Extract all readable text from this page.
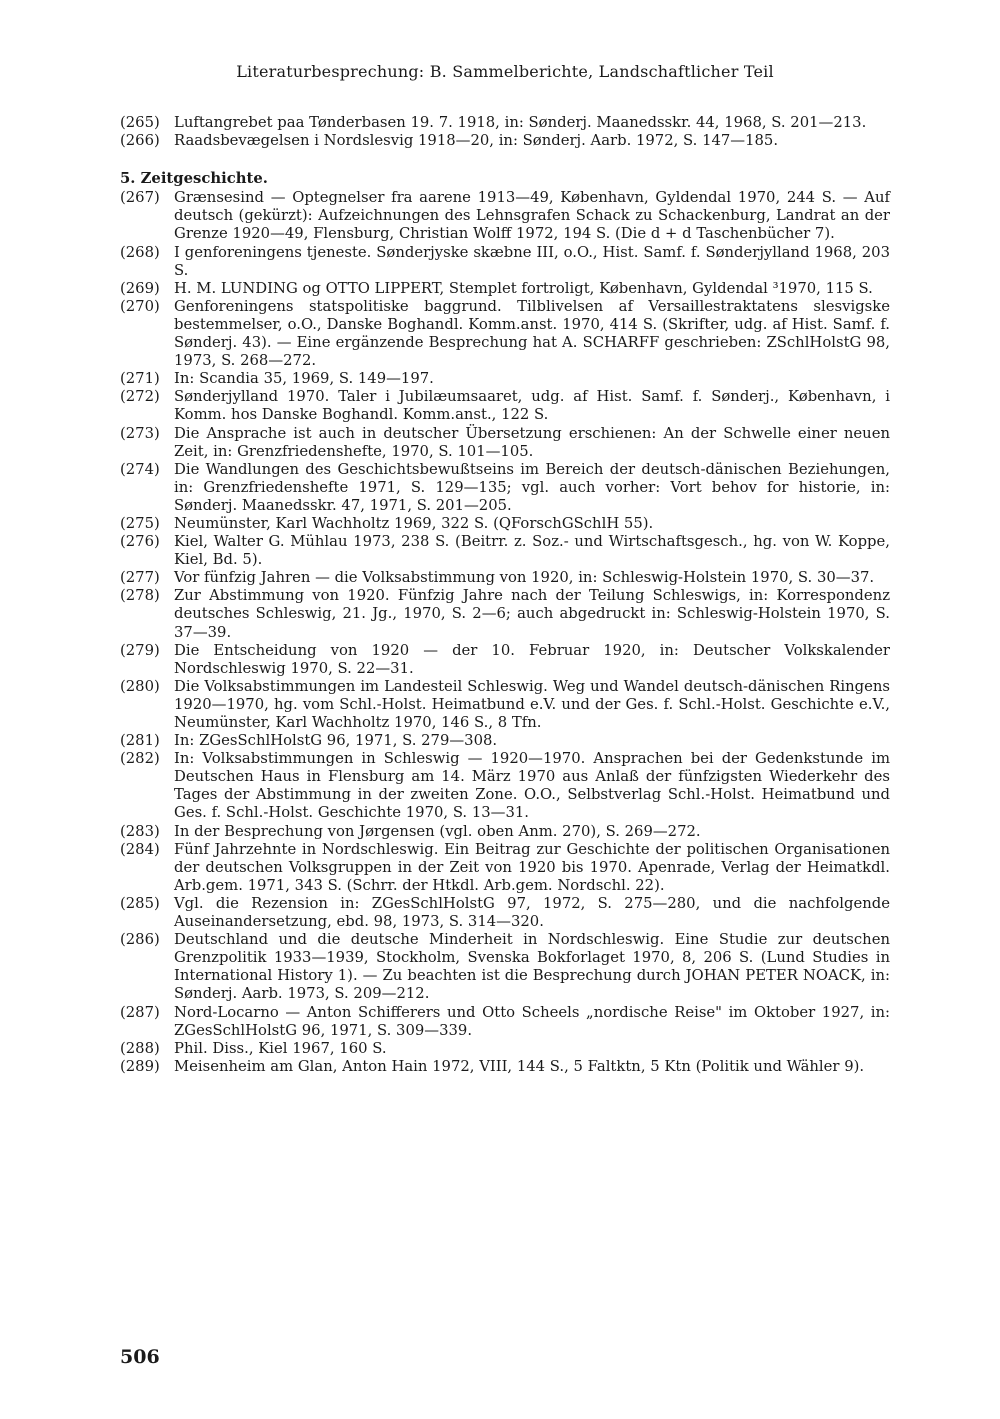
Literaturbesprechung: B. Sammelberichte, Landschaftlicher Teil
(265) Luftangrebet paa Tønderbasen 19. 7. 1918, in: Sønderj. Maanedsskr. 44, 1968, S. 201—213.
(266) Raadsbevægelsen i Nordslesvig 1918—20, in: Sønderj. Aarb. 1972, S. 147—185.
5. Zeitgeschichte.
(267) Grænsesind — Optegnelser fra aarene 1913—49, København, Gyldendal 1970, 244 S. — Auf deutsch (gekürzt): Aufzeichnungen des Lehnsgrafen Schack zu Schackenburg, Landrat an der Grenze 1920—49, Flensburg, Christian Wolff 1972, 194 S. (Die d + d Taschenbücher 7).
(268) I genforeningens tjeneste. Sønderjyske skæbne III, o.O., Hist. Samf. f. Sønderjylland 1968, 203 S.
(269) H. M. LUNDING og OTTO LIPPERT, Stemplet fortroligt, København, Gyldendal ³1970, 115 S.
(270) Genforeningens statspolitiske baggrund. Tilblivelsen af Versaillestraktatens slesvigske bestemmelser, o.O., Danske Boghandl. Komm.anst. 1970, 414 S. (Skrifter, udg. af Hist. Samf. f. Sønderj. 43). — Eine ergänzende Besprechung hat A. SCHARFF geschrieben: ZSchlHolstG 98, 1973, S. 268—272.
(271) In: Scandia 35, 1969, S. 149—197.
(272) Sønderjylland 1970. Taler i Jubilæumsaaret, udg. af Hist. Samf. f. Sønderj., København, i Komm. hos Danske Boghandl. Komm.anst., 122 S.
(273) Die Ansprache ist auch in deutscher Übersetzung erschienen: An der Schwelle einer neuen Zeit, in: Grenzfriedenshefte, 1970, S. 101—105.
(274) Die Wandlungen des Geschichtsbewußtseins im Bereich der deutsch-dänischen Beziehungen, in: Grenzfriedenshefte 1971, S. 129—135; vgl. auch vorher: Vort behov for historie, in: Sønderj. Maanedsskr. 47, 1971, S. 201—205.
(275) Neumünster, Karl Wachholtz 1969, 322 S. (QForschGSchlH 55).
(276) Kiel, Walter G. Mühlau 1973, 238 S. (Beitrr. z. Soz.- und Wirtschaftsgesch., hg. von W. Koppe, Kiel, Bd. 5).
(277) Vor fünfzig Jahren — die Volksabstimmung von 1920, in: Schleswig-Holstein 1970, S. 30—37.
(278) Zur Abstimmung von 1920. Fünfzig Jahre nach der Teilung Schleswigs, in: Korrespondenz deutsches Schleswig, 21. Jg., 1970, S. 2—6; auch abgedruckt in: Schleswig-Holstein 1970, S. 37—39.
(279) Die Entscheidung von 1920 — der 10. Februar 1920, in: Deutscher Volkskalender Nordschleswig 1970, S. 22—31.
(280) Die Volksabstimmungen im Landesteil Schleswig. Weg und Wandel deutsch-dänischen Ringens 1920—1970, hg. vom Schl.-Holst. Heimatbund e.V. und der Ges. f. Schl.-Holst. Geschichte e.V., Neumünster, Karl Wachholtz 1970, 146 S., 8 Tfn.
(281) In: ZGesSchlHolstG 96, 1971, S. 279—308.
(282) In: Volksabstimmungen in Schleswig — 1920—1970. Ansprachen bei der Gedenkstunde im Deutschen Haus in Flensburg am 14. März 1970 aus Anlaß der fünfzigsten Wiederkehr des Tages der Abstimmung in der zweiten Zone. O.O., Selbstverlag Schl.-Holst. Heimatbund und Ges. f. Schl.-Holst. Geschichte 1970, S. 13—31.
(283) In der Besprechung von Jørgensen (vgl. oben Anm. 270), S. 269—272.
(284) Fünf Jahrzehnte in Nordschleswig. Ein Beitrag zur Geschichte der politischen Organisationen der deutschen Volksgruppen in der Zeit von 1920 bis 1970. Apenrade, Verlag der Heimatkdl. Arb.gem. 1971, 343 S. (Schrr. der Htkdl. Arb.gem. Nordschl. 22).
(285) Vgl. die Rezension in: ZGesSchlHolstG 97, 1972, S. 275—280, und die nachfolgende Auseinandersetzung, ebd. 98, 1973, S. 314—320.
(286) Deutschland und die deutsche Minderheit in Nordschleswig. Eine Studie zur deutschen Grenzpolitik 1933—1939, Stockholm, Svenska Bokforlaget 1970, 8, 206 S. (Lund Studies in International History 1). — Zu beachten ist die Besprechung durch JOHAN PETER NOACK, in: Sønderj. Aarb. 1973, S. 209—212.
(287) Nord-Locarno — Anton Schifferers und Otto Scheels „nordische Reise" im Oktober 1927, in: ZGesSchlHolstG 96, 1971, S. 309—339.
(288) Phil. Diss., Kiel 1967, 160 S.
(289) Meisenheim am Glan, Anton Hain 1972, VIII, 144 S., 5 Faltktn, 5 Ktn (Politik und Wähler 9).
506
